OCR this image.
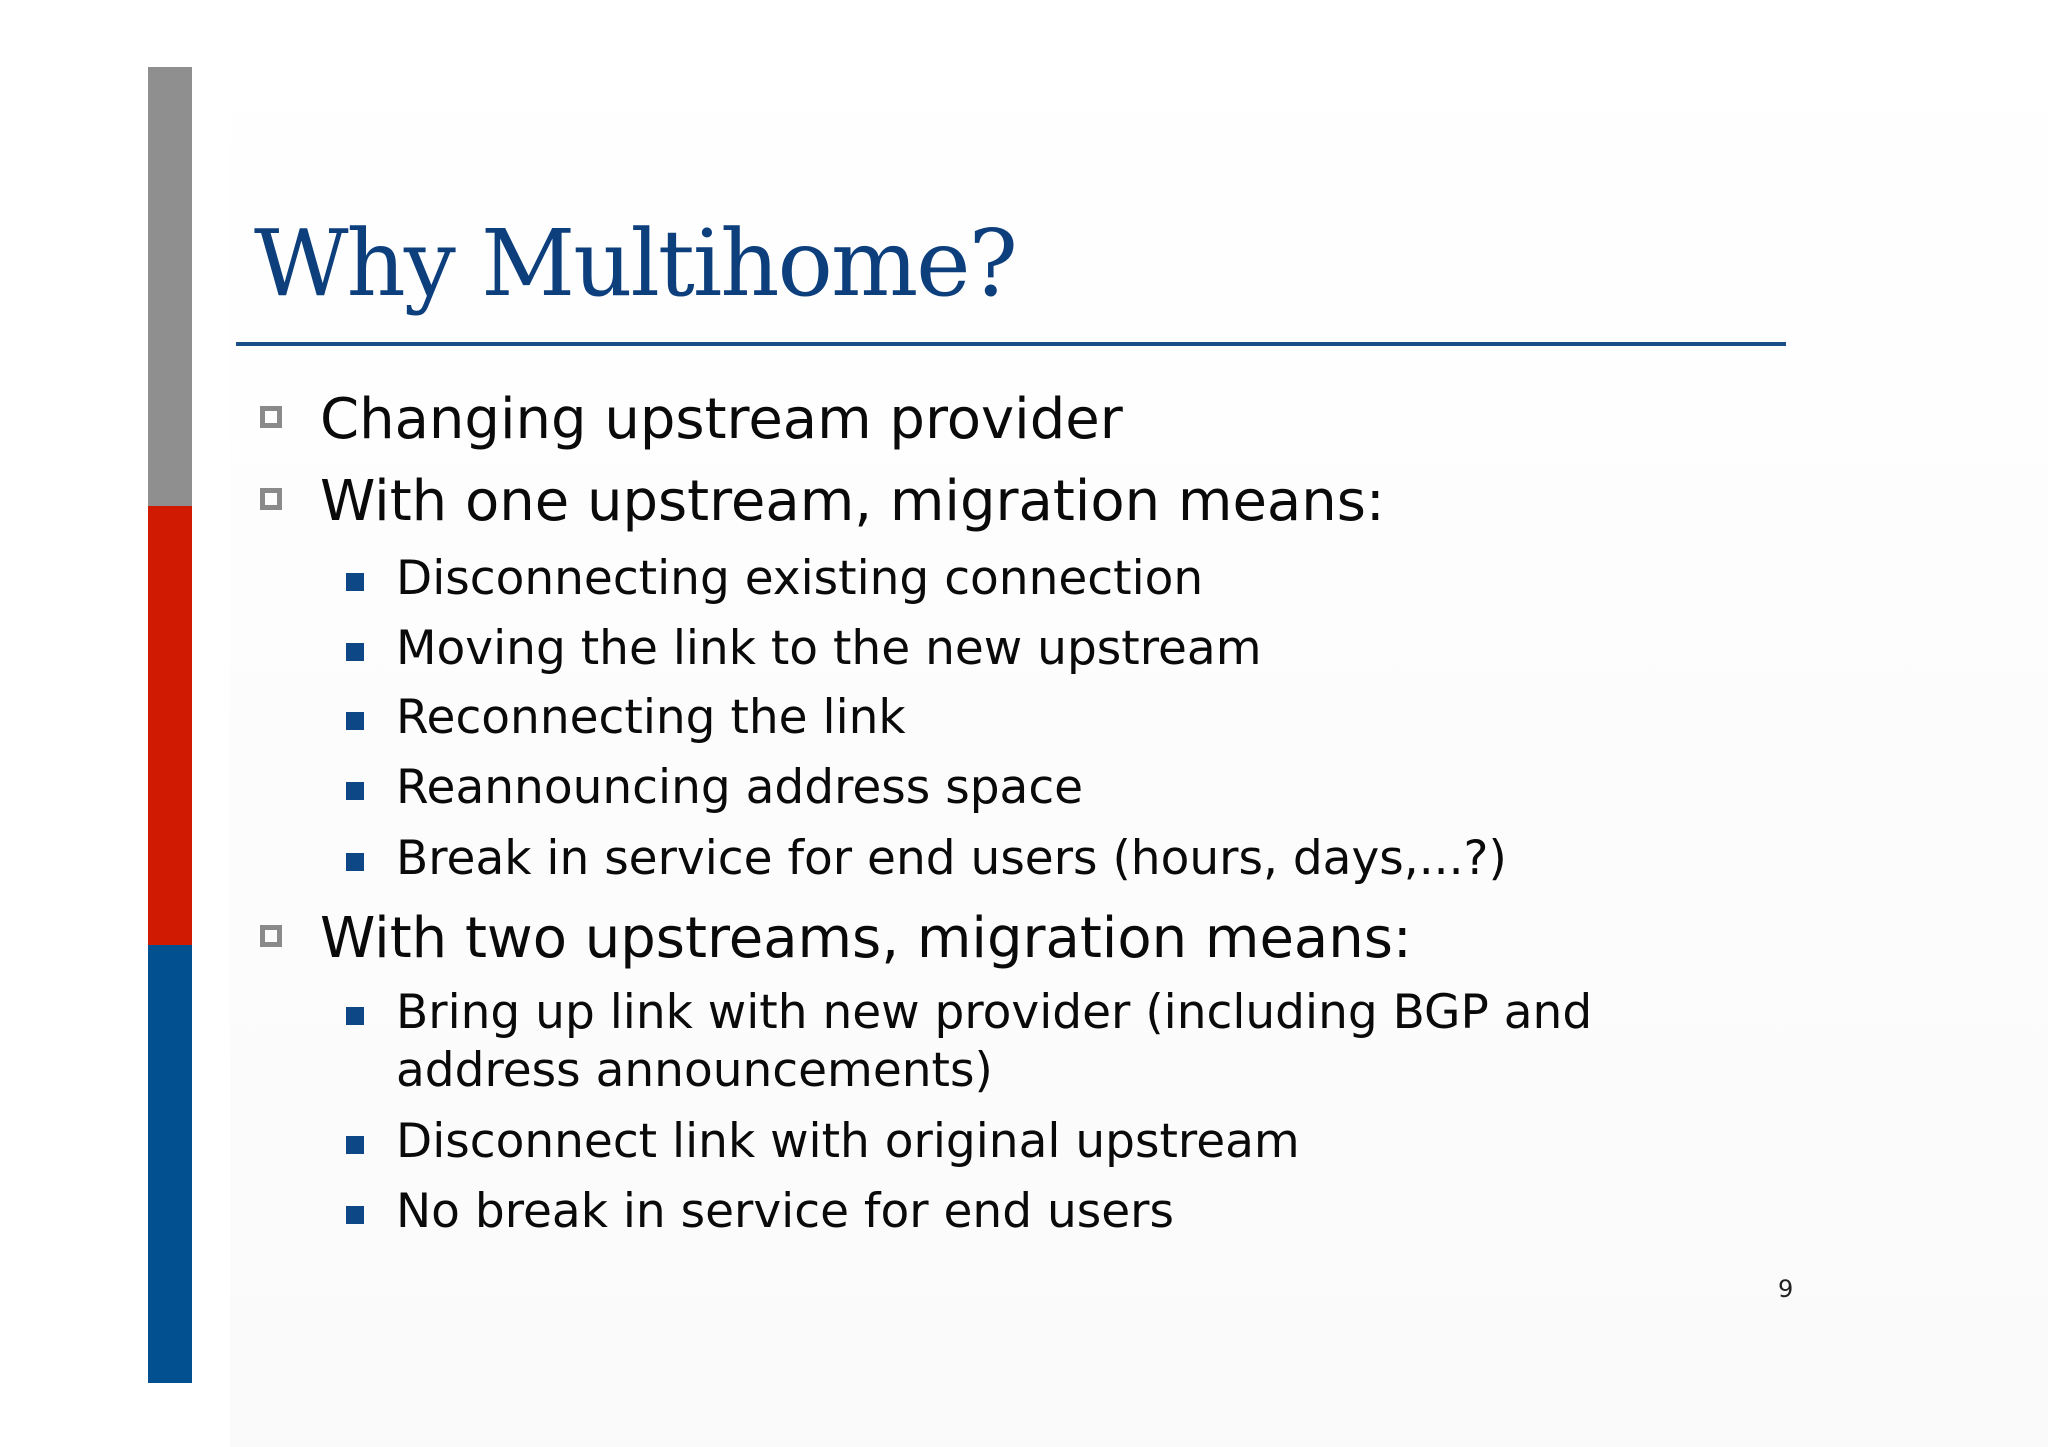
Why Multihome?
Changing upstream provider
With one upstream, migration means:
Disconnecting existing connection
Moving the link to the new upstream
Reconnecting the link
Reannouncing address space
Break in service for end users (hours, days,...?)
With two upstreams, migration means:
Bring up link with new provider (including BGP and
address announcements)
Disconnect link with original upstream
No break in service for end users
9
